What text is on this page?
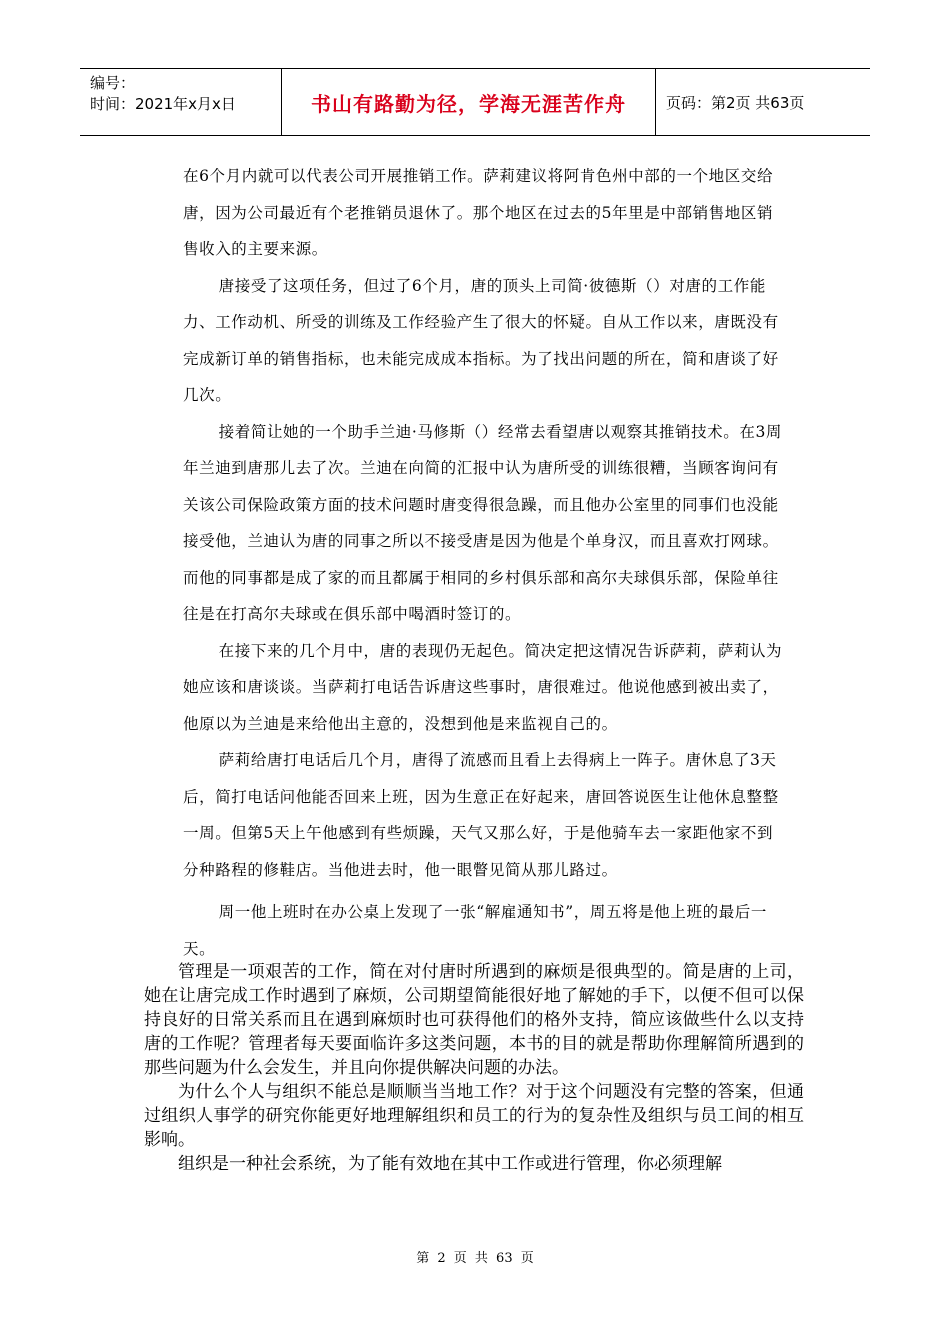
编号：
时间：2021年x月x日	书山有路勤为径，学海无涯苦作舟	页码：第2页 共63页

在6个月内就可以代表公司开展推销工作。萨莉建议将阿肯色州中部的一个地区交给唐，因为公司最近有个老推销员退休了。那个地区在过去的5年里是中部销售地区销售收入的主要来源。

唐接受了这项任务，但过了6个月，唐的顶头上司简·彼德斯（）对唐的工作能力、工作动机、所受的训练及工作经验产生了很大的怀疑。自从工作以来，唐既没有完成新订单的销售指标，也未能完成成本指标。为了找出问题的所在，简和唐谈了好几次。

接着简让她的一个助手兰迪·马修斯（）经常去看望唐以观察其推销技术。在3周年兰迪到唐那儿去了次。兰迪在向简的汇报中认为唐所受的训练很糟，当顾客询问有关该公司保险政策方面的技术问题时唐变得很急躁，而且他办公室里的同事们也没能接受他，兰迪认为唐的同事之所以不接受唐是因为他是个单身汉，而且喜欢打网球。而他的同事都是成了家的而且都属于相同的乡村俱乐部和高尔夫球俱乐部，保险单往往是在打高尔夫球或在俱乐部中喝酒时签订的。

在接下来的几个月中，唐的表现仍无起色。简决定把这情况告诉萨莉，萨莉认为她应该和唐谈谈。当萨莉打电话告诉唐这些事时，唐很难过。他说他感到被出卖了，他原以为兰迪是来给他出主意的，没想到他是来监视自己的。

萨莉给唐打电话后几个月，唐得了流感而且看上去得病上一阵子。唐休息了3天后，简打电话问他能否回来上班，因为生意正在好起来，唐回答说医生让他休息整整一周。但第5天上午他感到有些烦躁，天气又那么好，于是他骑车去一家距他家不到分种路程的修鞋店。当他进去时，他一眼瞥见简从那儿路过。

周一他上班时在办公桌上发现了一张“解雇通知书”，周五将是他上班的最后一天。

管理是一项艰苦的工作，简在对付唐时所遇到的麻烦是很典型的。简是唐的上司，她在让唐完成工作时遇到了麻烦，公司期望简能很好地了解她的手下，以便不但可以保持良好的日常关系而且在遇到麻烦时也可获得他们的格外支持，简应该做些什么以支持唐的工作呢？管理者每天要面临许多这类问题，本书的目的就是帮助你理解简所遇到的那些问题为什么会发生，并且向你提供解决问题的办法。

为什么个人与组织不能总是顺顺当当地工作？对于这个问题没有完整的答案，但通过组织人事学的研究你能更好地理解组织和员工的行为的复杂性及组织与员工间的相互影响。

组织是一种社会系统，为了能有效地在其中工作或进行管理，你必须理解

第 2 页 共 63 页
